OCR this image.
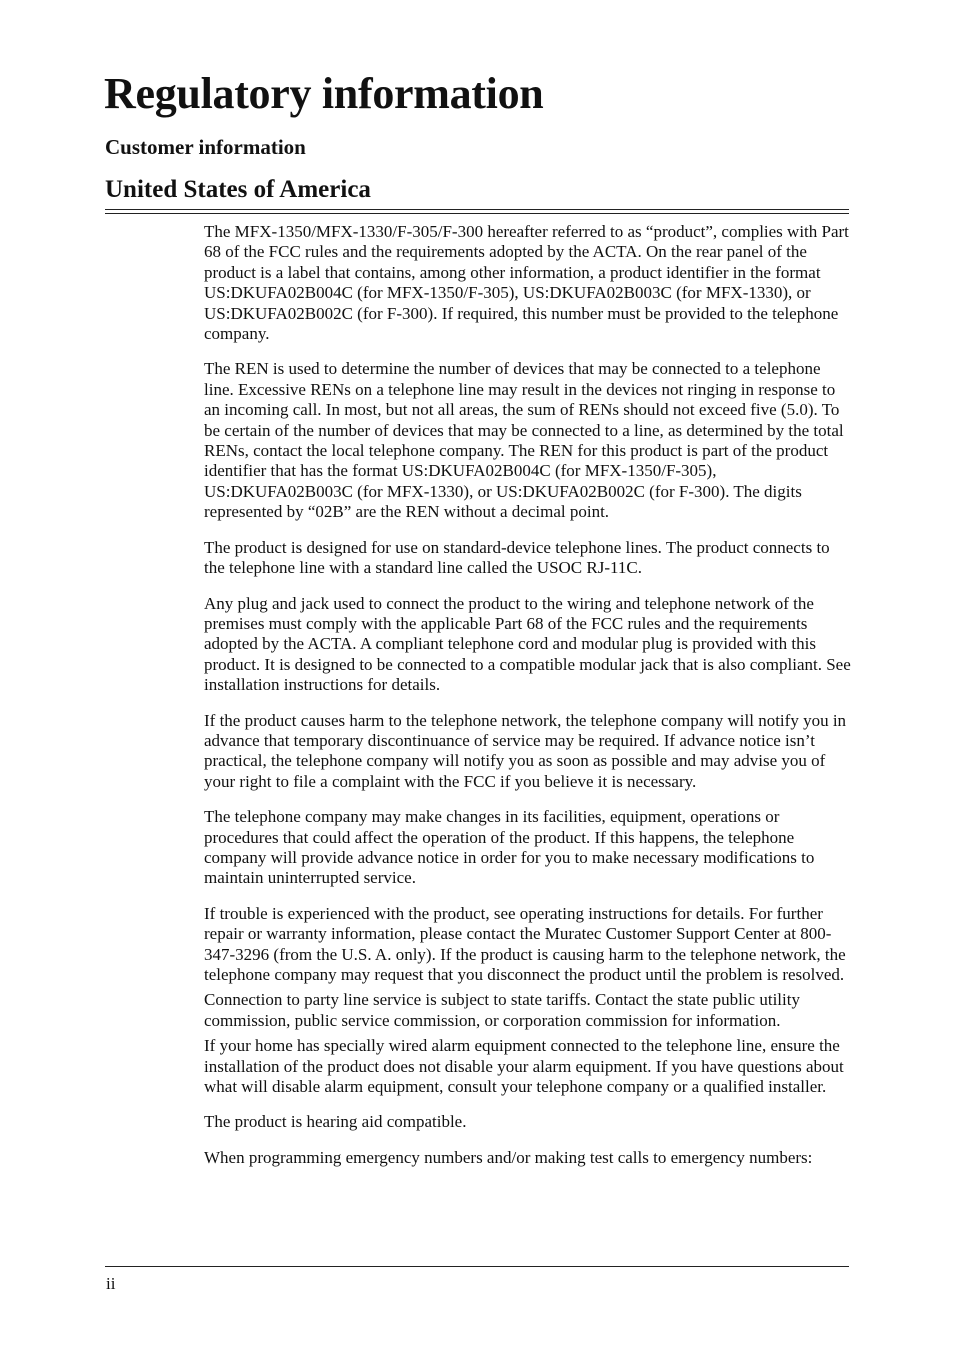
Regulatory information
Customer information
United States of America

The MFX-1350/MFX-1330/F-305/F-300 hereafter referred to as “product”, complies with Part 68 of the FCC rules and the requirements adopted by the ACTA. On the rear panel of the product is a label that contains, among other information, a product identifier in the format US:DKUFA02B004C (for MFX-1350/F-305), US:DKUFA02B003C (for MFX-1330), or US:DKUFA02B002C (for F-300). If required, this number must be provided to the telephone company.

The REN is used to determine the number of devices that may be connected to a telephone line. Excessive RENs on a telephone line may result in the devices not ringing in response to an incoming call. In most, but not all areas, the sum of RENs should not exceed five (5.0). To be certain of the number of devices that may be connected to a line, as determined by the total RENs, contact the local telephone company. The REN for this product is part of the product identifier that has the format US:DKUFA02B004C (for MFX-1350/F-305), US:DKUFA02B003C (for MFX-1330), or US:DKUFA02B002C (for F-300). The digits represented by “02B” are the REN without a decimal point.

The product is designed for use on standard-device telephone lines. The product connects to the telephone line with a standard line called the USOC RJ-11C.

Any plug and jack used to connect the product to the wiring and telephone network of the premises must comply with the applicable Part 68 of the FCC rules and the requirements adopted by the ACTA. A compliant telephone cord and modular plug is provided with this product. It is designed to be connected to a compatible modular jack that is also compliant. See installation instructions for details.

If the product causes harm to the telephone network, the telephone company will notify you in advance that temporary discontinuance of service may be required. If advance notice isn’t practical, the telephone company will notify you as soon as possible and may advise you of your right to file a complaint with the FCC if you believe it is necessary.

The telephone company may make changes in its facilities, equipment, operations or procedures that could affect the operation of the product. If this happens, the telephone company will provide advance notice in order for you to make necessary modifications to maintain uninterrupted service.

If trouble is experienced with the product, see operating instructions for details. For further repair or warranty information, please contact the Muratec Customer Support Center at 800-347-3296 (from the U.S. A. only). If the product is causing harm to the telephone network, the telephone company may request that you disconnect the product until the problem is resolved.

Connection to party line service is subject to state tariffs. Contact the state public utility commission, public service commission, or corporation commission for information.

If your home has specially wired alarm equipment connected to the telephone line, ensure the installation of the product does not disable your alarm equipment. If you have questions about what will disable alarm equipment, consult your telephone company or a qualified installer.

The product is hearing aid compatible.

When programming emergency numbers and/or making test calls to emergency numbers:

ii
